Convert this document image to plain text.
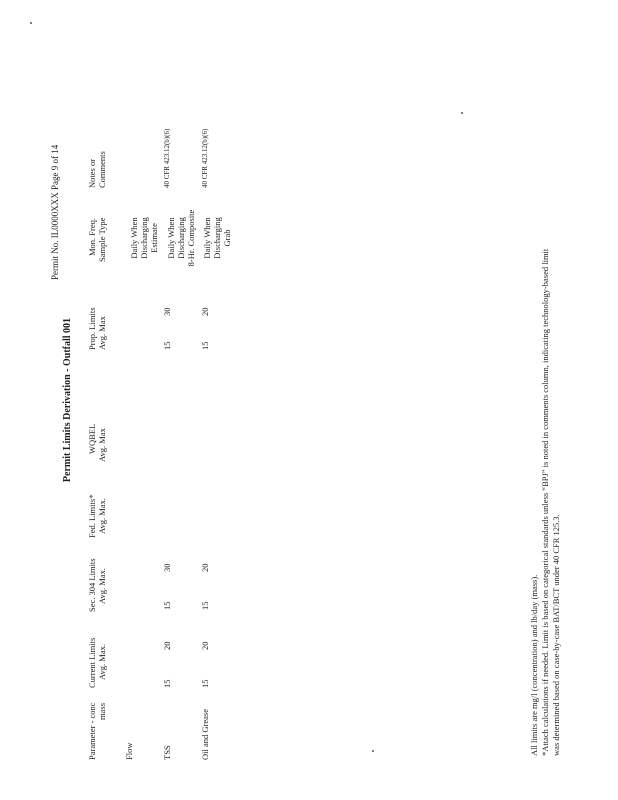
Permit No. IL0000XXX Page 9 of 14
Permit Limits Derivation - Outfall 001
Parameter - conc mass
Current Limits Avg. Max.
Sec. 304 Limits Avg. Max.
Fed. Limits* Avg. Max.
WQBEL Avg. Max
Prop. Limits Avg. Max
Mon. Freq. Sample Type
Notes or Comments
Flow
Daily When Discharging Estimate
TSS
15
20
15
30
15
30
Daily When Discharging 8-Hr. Composite
40 CFR 423.12(b)(6)
Oil and Grease
15
20
15
20
15
20
Daily When Discharging Grab
40 CFR 423.12(b)(6)
All limits are mg/l (concentration) and lb/day (mass). *Attach calculations if needed. Limit is based on categorical standards unless “BPJ” is noted in comments column, indicating technology-based limit was determined based on case-by-case BAT/BCT under 40 CFR 125.3.
